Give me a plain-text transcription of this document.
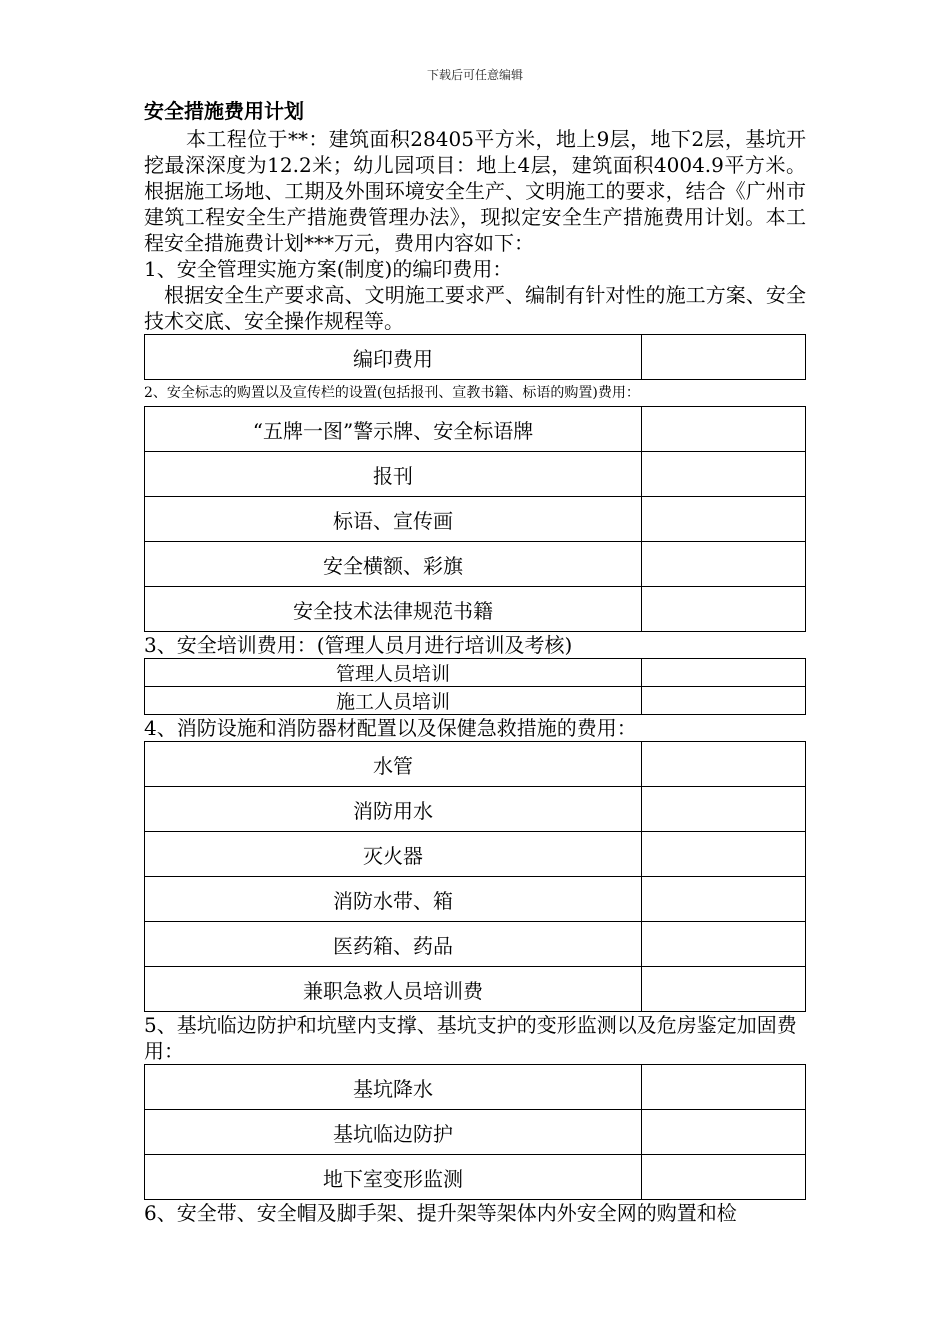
下载后可任意编辑
安全措施费用计划

本工程位于**：建筑面积28405平方米，地上9层，地下2层，基坑开挖最深深度为12.2米；幼儿园项目：地上4层，建筑面积4004.9平方米。根据施工场地、工期及外围环境安全生产、文明施工的要求，结合《广州市建筑工程安全生产措施费管理办法》，现拟定安全生产措施费用计划。本工程安全措施费计划***万元，费用内容如下：

1、安全管理实施方案(制度)的编印费用：

根据安全生产要求高、文明施工要求严、编制有针对性的施工方案、安全技术交底、安全操作规程等。

编印费用	

2、安全标志的购置以及宣传栏的设置(包括报刊、宣教书籍、标语的购置)费用：

“五牌一图”警示牌、安全标语牌	
报刊	
标语、宣传画	
安全横额、彩旗	
安全技术法律规范书籍	

3、安全培训费用：(管理人员月进行培训及考核)

管理人员培训	
施工人员培训	

4、消防设施和消防器材配置以及保健急救措施的费用：

水管	
消防用水	
灭火器	
消防水带、箱	
医药箱、药品	
兼职急救人员培训费	

5、基坑临边防护和坑壁内支撑、基坑支护的变形监测以及危房鉴定加固费用：

基坑降水	
基坑临边防护	
地下室变形监测	

6、安全带、安全帽及脚手架、提升架等架体内外安全网的购置和检
